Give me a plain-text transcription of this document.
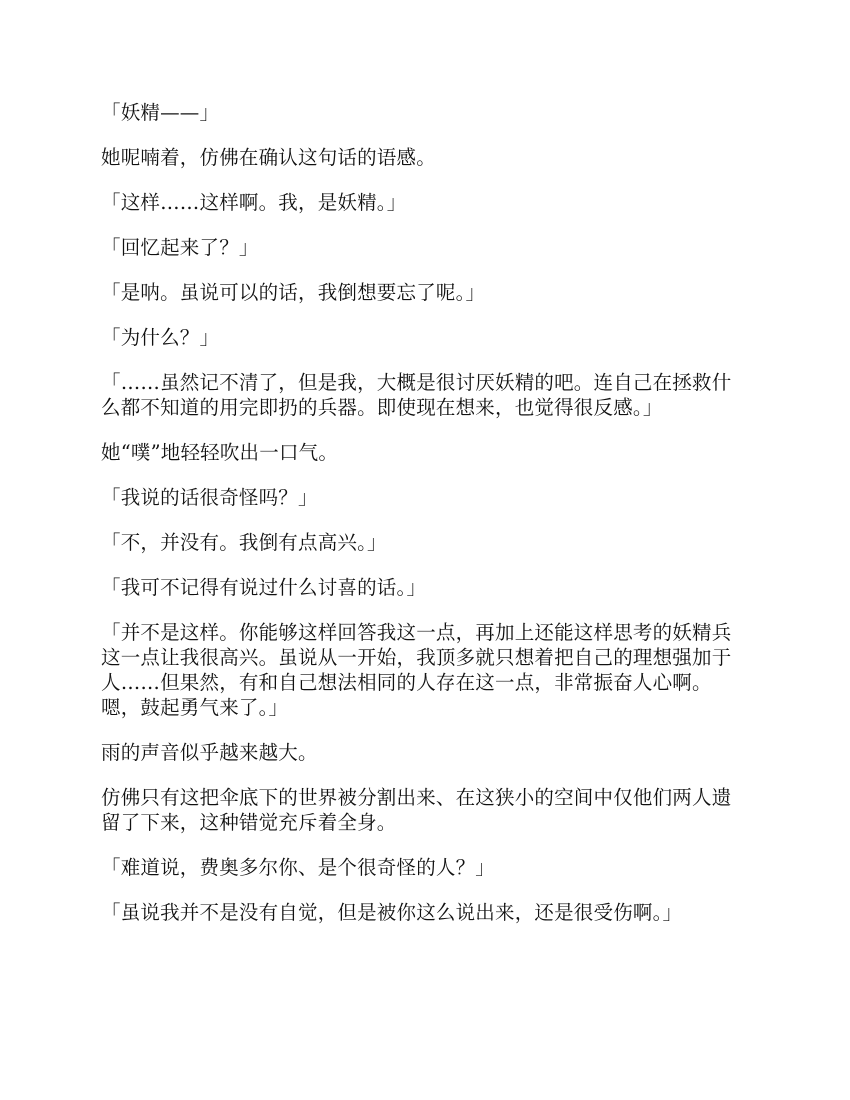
「妖精——」

她呢喃着，仿佛在确认这句话的语感。

「这样……这样啊。我，是妖精。」

「回忆起来了？」

「是呐。虽说可以的话，我倒想要忘了呢。」

「为什么？」

「……虽然记不清了，但是我，大概是很讨厌妖精的吧。连自己在拯救什么都不知道的用完即扔的兵器。即使现在想来，也觉得很反感。」

她“噗”地轻轻吹出一口气。

「我说的话很奇怪吗？」

「不，并没有。我倒有点高兴。」

「我可不记得有说过什么讨喜的话。」

「并不是这样。你能够这样回答我这一点，再加上还能这样思考的妖精兵这一点让我很高兴。虽说从一开始，我顶多就只想着把自己的理想强加于人……但果然，有和自己想法相同的人存在这一点，非常振奋人心啊。嗯，鼓起勇气来了。」

雨的声音似乎越来越大。

仿佛只有这把伞底下的世界被分割出来、在这狭小的空间中仅他们两人遗留了下来，这种错觉充斥着全身。

「难道说，费奥多尔你、是个很奇怪的人？」

「虽说我并不是没有自觉，但是被你这么说出来，还是很受伤啊。」
